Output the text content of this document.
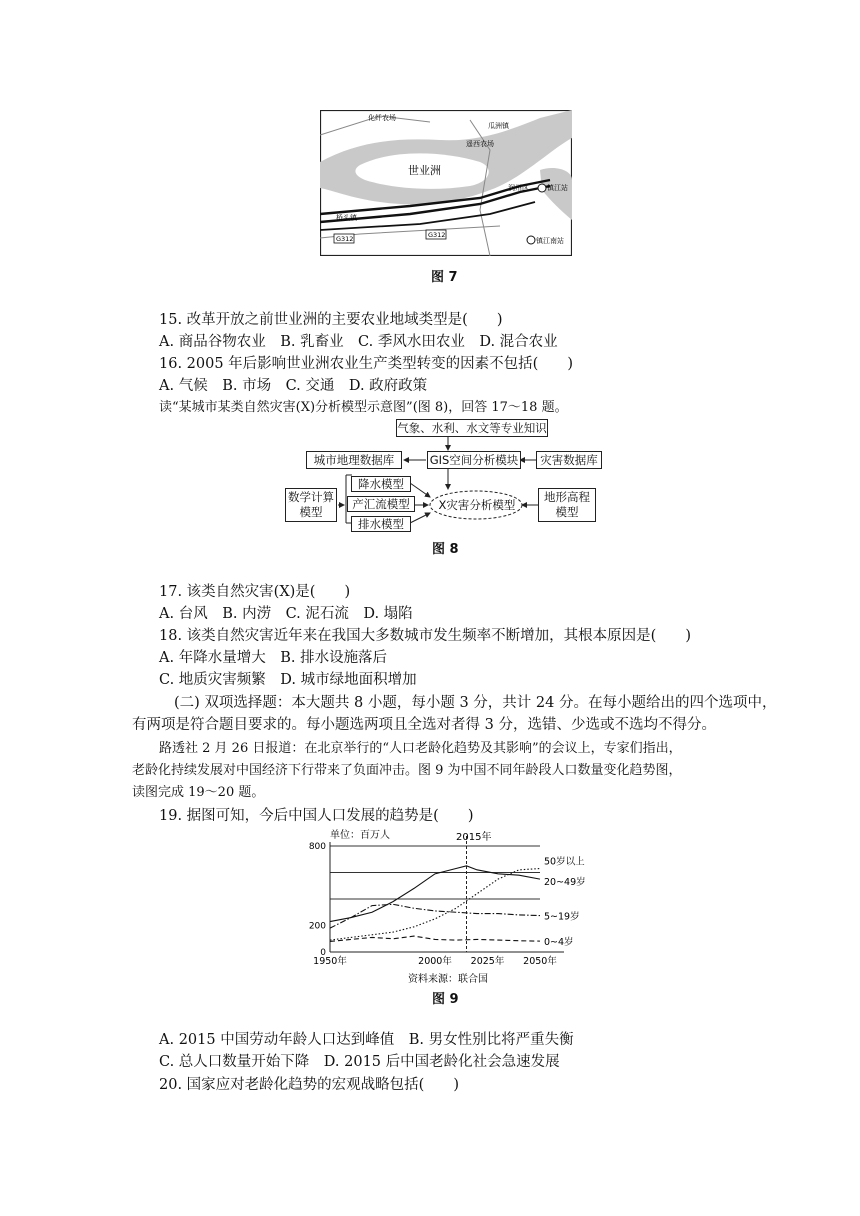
化纤农场
瓜洲镇
遥西农场
世业洲
润州区	镇江站
桥头镇
G312	G312
镇江南站
图 7
15. 改革开放之前世业洲的主要农业地域类型是(　　)
A. 商品谷物农业　B. 乳畜业　C. 季风水田农业　D. 混合农业
16. 2005 年后影响世业洲农业生产类型转变的因素不包括(　　)
A. 气候　B. 市场　C. 交通　D. 政府政策
读“某城市某类自然灾害(X)分析模型示意图”(图 8)，回答 17～18 题。
气象、水利、水文等专业知识
城市地理数据库	GIS空间分析模块	灾害数据库
数学计算模型
降水模型
产汇流模型
排水模型
X灾害分析模型
地形高程模型
图 8
17. 该类自然灾害(X)是(　　)
A. 台风　B. 内涝　C. 泥石流　D. 塌陷
18. 该类自然灾害近年来在我国大多数城市发生频率不断增加，其根本原因是(　　)
A. 年降水量增大　B. 排水设施落后
C. 地质灾害频繁　D. 城市绿地面积增加
(二) 双项选择题：本大题共 8 小题，每小题 3 分，共计 24 分。在每小题给出的四个选项中，
有两项是符合题目要求的。每小题选两项且全选对者得 3 分，选错、少选或不选均不得分。
路透社 2 月 26 日报道：在北京举行的“人口老龄化趋势及其影响”的会议上，专家们指出，
老龄化持续发展对中国经济下行带来了负面冲击。图 9 为中国不同年龄段人口数量变化趋势图，
读图完成 19～20 题。
19. 据图可知，今后中国人口发展的趋势是(　　)
单位：百万人	2015年
资料来源：联合国
0
200
800
1950年	2000年 2025年 2050年
50岁以上
20~49岁
5~19岁
0~4岁
图 9
A. 2015 中国劳动年龄人口达到峰值　B. 男女性别比将严重失衡
C. 总人口数量开始下降　D. 2015 后中国老龄化社会急速发展
20. 国家应对老龄化趋势的宏观战略包括(　　)
